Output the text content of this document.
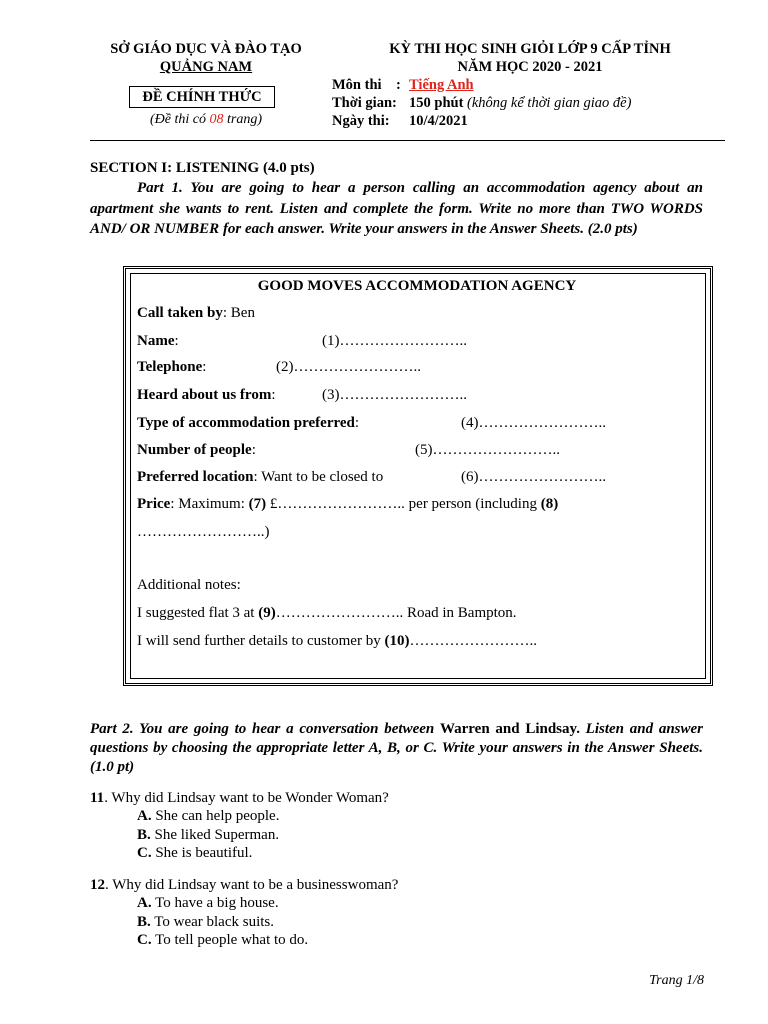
SỞ GIÁO DỤC VÀ ĐÀO TẠO
QUẢNG NAM
ĐỀ CHÍNH THỨC
(Đề thi có 08 trang)
KỲ THI HỌC SINH GIỎI LỚP 9 CẤP TỈNH
NĂM HỌC 2020 - 2021
Môn thi : Tiếng Anh
Thời gian: 150 phút (không kể thời gian giao đề)
Ngày thi: 10/4/2021
SECTION I: LISTENING (4.0 pts)
Part 1. You are going to hear a person calling an accommodation agency about an apartment she wants to rent. Listen and complete the form. Write no more than TWO WORDS AND/ OR NUMBER for each answer. Write your answers in the Answer Sheets. (2.0 pts)
GOOD MOVES ACCOMMODATION AGENCY
Call taken by: Ben
Name:	(1)……………………..
Telephone:	(2)……………………..
Heard about us from:	(3)……………………..
Type of accommodation preferred:	(4)……………………..
Number of people:	(5)……………………..
Preferred location: Want to be closed to	(6)……………………..
Price: Maximum: (7) £…………………….. per person (including (8)
……………………..)
Additional notes:
I suggested flat 3 at (9)…………………….. Road in Bampton.
I will send further details to customer by (10)……………………..
Part 2. You are going to hear a conversation between Warren and Lindsay. Listen and answer questions by choosing the appropriate letter A, B, or C. Write your answers in the Answer Sheets. (1.0 pt)
11. Why did Lindsay want to be Wonder Woman?
A. She can help people.
B. She liked Superman.
C. She is beautiful.
12. Why did Lindsay want to be a businesswoman?
A. To have a big house.
B. To wear black suits.
C. To tell people what to do.
Trang 1/8
